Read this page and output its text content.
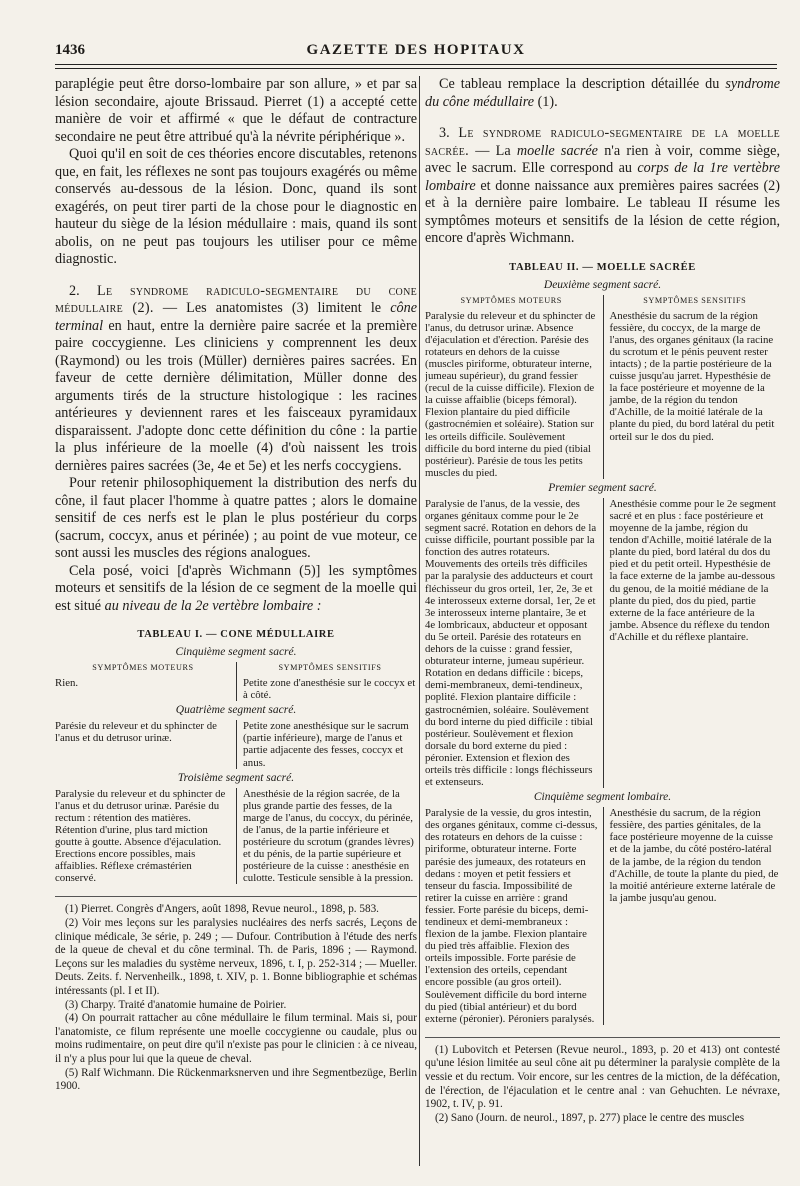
1436	GAZETTE DES HOPITAUX

paraplégie peut être dorso-lombaire par son allure, » et par sa lésion secondaire, ajoute Brissaud. Pierret (1) a accepté cette manière de voir et affirmé « que le défaut de contracture secondaire ne peut être attribué qu'à la névrite périphérique ».

Quoi qu'il en soit de ces théories encore discutables, retenons que, en fait, les réflexes ne sont pas toujours exagérés ou même conservés au-dessous de la lésion. Donc, quand ils sont exagérés, on peut tirer parti de la chose pour le diagnostic en hauteur du siège de la lésion médullaire : mais, quand ils sont abolis, on ne peut pas toujours les utiliser pour ce même diagnostic.

2. Le syndrome radiculo-segmentaire du cone médullaire (2). — Les anatomistes (3) limitent le cône terminal en haut, entre la dernière paire sacrée et la première paire coccygienne. Les cliniciens y comprennent les deux (Raymond) ou les trois (Müller) dernières paires sacrées. En faveur de cette dernière délimitation, Müller donne des arguments tirés de la structure histologique : les racines antérieures y deviennent rares et les faisceaux pyramidaux disparaissent. J'adopte donc cette définition du cône : la partie la plus inférieure de la moelle (4) d'où naissent les trois dernières paires sacrées (3e, 4e et 5e) et les nerfs coccygiens.

Pour retenir philosophiquement la distribution des nerfs du cône, il faut placer l'homme à quatre pattes ; alors le domaine sensitif de ces nerfs est le plan le plus postérieur du corps (sacrum, coccyx, anus et périnée) ; au point de vue moteur, ce sont aussi les muscles des régions analogues.

Cela posé, voici [d'après Wichmann (5)] les symptômes moteurs et sensitifs de la lésion de ce segment de la moelle qui est situé au niveau de la 2e vertèbre lombaire :

TABLEAU I. — CONE MÉDULLAIRE
Cinquième segment sacré.
SYMPTÔMES MOTEURS
Rien.
SYMPTÔMES SENSITIFS
Petite zone d'anesthésie sur le coccyx et à côté.
Quatrième segment sacré.
Parésie du releveur et du sphincter de l'anus et du detrusor urinæ.
Petite zone anesthésique sur le sacrum (partie inférieure), marge de l'anus et partie adjacente des fesses, coccyx et anus.
Troisième segment sacré.
Paralysie du releveur et du sphincter de l'anus et du detrusor urinæ. Parésie du rectum : rétention des matières. Rétention d'urine, plus tard miction goutte à goutte. Absence d'éjaculation. Erections encore possibles, mais affaiblies. Réflexe crémastérien conservé.
Anesthésie de la région sacrée, de la plus grande partie des fesses, de la marge de l'anus, du coccyx, du périnée, de l'anus, de la partie inférieure et postérieure du scrotum (grandes lèvres) et du pénis, de la partie supérieure et postérieure de la cuisse : anesthésie en culotte. Testicule sensible à la pression.

(1) Pierret. Congrès d'Angers, août 1898, Revue neurol., 1898, p. 583.

(2) Voir mes leçons sur les paralysies nucléaires des nerfs sacrés, Leçons de clinique médicale, 3e série, p. 249 ; — Dufour. Contribution à l'étude des nerfs de la queue de cheval et du cône terminal. Th. de Paris, 1896 ; — Raymond. Leçons sur les maladies du système nerveux, 1896, t. I, p. 252-314 ; — Mueller. Deuts. Zeits. f. Nervenheilk., 1898, t. XIV, p. 1. Bonne bibliographie et schémas intéressants (pl. I et II).

(3) Charpy. Traité d'anatomie humaine de Poirier.

(4) On pourrait rattacher au cône médullaire le filum terminal. Mais si, pour l'anatomiste, ce filum représente une moelle coccygienne ou caudale, plus ou moins rudimentaire, on peut dire qu'il n'existe pas pour le clinicien : à ce niveau, il n'y a plus pour lui que la queue de cheval.

(5) Ralf Wichmann. Die Rückenmarksnerven und ihre Segmentbezüge, Berlin 1900.

Ce tableau remplace la description détaillée du syndrome du cône médullaire (1).

3. Le syndrome radiculo-segmentaire de la moelle sacrée. — La moelle sacrée n'a rien à voir, comme siège, avec le sacrum. Elle correspond au corps de la 1re vertèbre lombaire et donne naissance aux premières paires sacrées (2) et à la dernière paire lombaire. Le tableau II résume les symptômes moteurs et sensitifs de la lésion de cette région, encore d'après Wichmann.

TABLEAU II. — MOELLE SACRÉE
Deuxième segment sacré.
SYMPTÔMES MOTEURS
Paralysie du releveur et du sphincter de l'anus, du detrusor urinæ. Absence d'éjaculation et d'érection. Parésie des rotateurs en dehors de la cuisse (muscles piriforme, obturateur interne, jumeau supérieur), du grand fessier (recul de la cuisse difficile). Flexion de la cuisse affaiblie (biceps fémoral). Flexion plantaire du pied difficile (gastrocnémien et soléaire). Station sur les orteils difficile. Soulèvement difficile du bord interne du pied (tibial postérieur). Parésie de tous les petits muscles du pied.
SYMPTÔMES SENSITIFS
Anesthésie du sacrum de la région fessière, du coccyx, de la marge de l'anus, des organes génitaux (la racine du scrotum et le pénis peuvent rester intacts) ; de la partie postérieure de la cuisse jusqu'au jarret. Hypesthésie de la face postérieure et moyenne de la jambe, de la région du tendon d'Achille, de la moitié latérale de la plante du pied, du bord latéral du petit orteil sur le dos du pied.
Premier segment sacré.
Paralysie de l'anus, de la vessie, des organes génitaux comme pour le 2e segment sacré. Rotation en dehors de la cuisse difficile, pourtant possible par la fonction des autres rotateurs. Mouvements des orteils très difficiles par la paralysie des adducteurs et court fléchisseur du gros orteil, 1er, 2e, 3e et 4e interosseux externe dorsal, 1er, 2e et 3e interosseux interne plantaire, 3e et 4e lombricaux, abducteur et opposant du 5e orteil. Parésie des rotateurs en dehors de la cuisse : grand fessier, obturateur interne, jumeau supérieur. Rotation en dedans difficile : biceps, demi-membraneux, demi-tendineux, poplité. Flexion plantaire difficile : gastrocnémien, soléaire. Soulèvement du bord interne du pied difficile : tibial postérieur. Soulèvement et flexion dorsale du bord externe du pied : péronier. Extension et flexion des orteils très difficile : longs fléchisseurs et extenseurs.
Anesthésie comme pour le 2e segment sacré et en plus : face postérieure et moyenne de la jambe, région du tendon d'Achille, moitié latérale de la plante du pied, bord latéral du dos du pied et du petit orteil. Hypesthésie de la face externe de la jambe au-dessous du genou, de la moitié médiane de la plante du pied, dos du pied, partie externe de la face antérieure de la jambe. Absence du réflexe du tendon d'Achille et du réflexe plantaire.
Cinquième segment lombaire.
Paralysie de la vessie, du gros intestin, des organes génitaux, comme ci-dessus, des rotateurs en dehors de la cuisse : piriforme, obturateur interne. Forte parésie des jumeaux, des rotateurs en dedans : moyen et petit fessiers et tenseur du fascia. Impossibilité de retirer la cuisse en arrière : grand fessier. Forte parésie du biceps, demi-tendineux et demi-membraneux : flexion de la jambe. Flexion plantaire du pied très affaiblie. Flexion des orteils impossible. Forte parésie de l'extension des orteils, cependant encore possible (au gros orteil). Soulèvement difficile du bord interne du pied (tibial antérieur) et du bord externe (péronier). Péroniers paralysés.
Anesthésie du sacrum, de la région fessière, des parties génitales, de la face postérieure moyenne de la cuisse et de la jambe, du côté postéro-latéral de la jambe, de la région du tendon d'Achille, de toute la plante du pied, de la moitié antérieure externe latérale de la jambe jusqu'au genou.

(1) Lubovitch et Petersen (Revue neurol., 1893, p. 20 et 413) ont contesté qu'une lésion limitée au seul cône ait pu déterminer la paralysie complète de la vessie et du rectum. Voir encore, sur les centres de la miction, de la défécation, de l'érection, de l'éjaculation et le centre anal : van Gehuchten. Le névraxe, 1902, t. IV, p. 91.

(2) Sano (Journ. de neurol., 1897, p. 277) place le centre des muscles
